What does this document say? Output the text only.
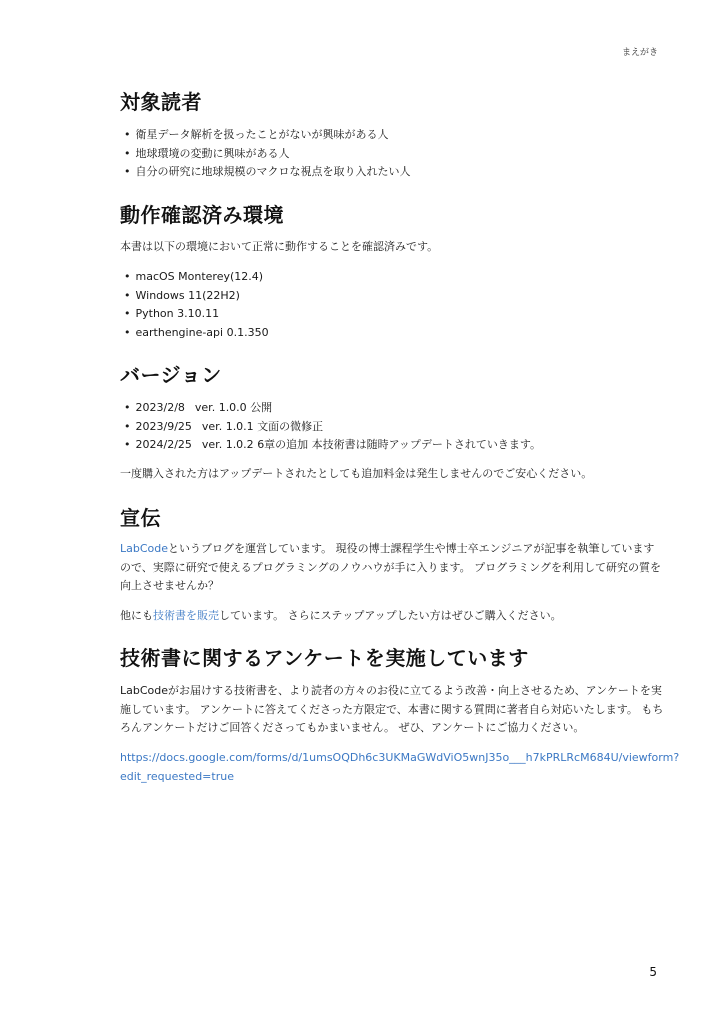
まえがき
対象読者
• 衛星データ解析を扱ったことがないが興味がある人
• 地球環境の変動に興味がある人
• 自分の研究に地球規模のマクロな視点を取り入れたい人
動作確認済み環境

本書は以下の環境において正常に動作することを確認済みです。

• macOS Monterey(12.4)
• Windows 11(22H2)
• Python 3.10.11
• earthengine-api 0.1.350
バージョン
• 2023/2/8 ver. 1.0.0 公開
• 2023/9/25 ver. 1.0.1 文面の微修正
• 2024/2/25 ver. 1.0.2 6章の追加 本技術書は随時アップデートされていきます。

一度購入された方はアップデートされたとしても追加料金は発生しませんのでご安心ください。

宣伝

LabCodeというブログを運営しています。 現役の博士課程学生や博士卒エンジニアが記事を執筆しています
ので、実際に研究で使えるプログラミングのノウハウが手に入ります。 プログラミングを利用して研究の質を
向上させませんか？

他にも技術書を販売しています。 さらにステップアップしたい方はぜひご購入ください。

技術書に関するアンケートを実施しています

LabCodeがお届けする技術書を、より読者の方々のお役に立てるよう改善・向上させるため、アンケートを実
施しています。 アンケートに答えてくださった方限定で、本書に関する質問に著者自ら対応いたします。 もち
ろんアンケートだけご回答くださってもかまいません。 ぜひ、アンケートにご協力ください。

https://docs.google.com/forms/d/1umsOQDh6c3UKMaGWdViO5wnJ35o___h7kPRLRcM684U/viewform?
edit_requested=true
5
